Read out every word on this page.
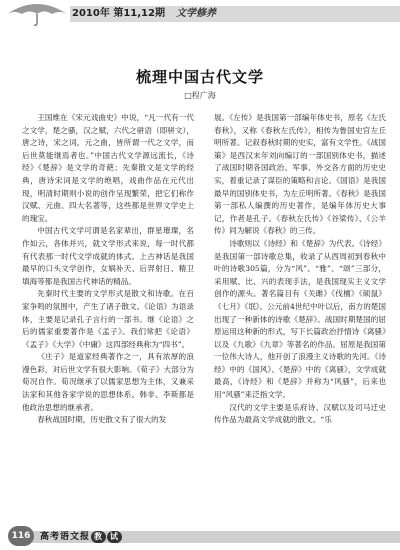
2010年 第11,12期 文学修养
梳理中国古代文学
□程广海

王国维在《宋元戏曲史》中说，“凡一代有一代之文学，楚之骚，汉之赋，六代之骈语（即骈文），唐之诗，宋之词，元之曲，皆所谓一代之文学，而后世莫能继焉者也。”中国古代文学源远流长，《诗经》《楚辞》是文学的奇葩；先秦散文是文学的经典，唐诗宋词是文学的绝唱，戏曲作品在元代出现，明清时期则小说的创作呈现繁荣，把它们称作汉赋、元曲、四大名著等，这些都是世界文学史上的瑰宝。

中国古代文学可谓是名家辈出，群星璀璨，名作如云，各体并兴，就文学形式来说，每一时代都有代表那一时代文学成就的体式。上古神话是我国最早的口头文学创作，女娲补天、后羿射日、精卫填海等都是我国古代神话的精品。

先秦时代主要的文学形式是散文和诗歌。在百家争鸣的氛围中，产生了诸子散文。《论语》为语录体，主要是记录孔子言行的一部书。继《论语》之后的儒家重要著作是《孟子》。我们常把《论语》《孟子》《大学》《中庸》这四部经典称为“四书”。

《庄子》是道家经典著作之一，具有浓厚的浪漫色彩，对后世文学有很大影响。《荀子》大部分为荀况自作。荀况继承了以儒家思想为主体，又兼采法家和其他各家学说的思想体系。韩非、李斯都是他政治思想的继承者。

春秋战国时期，历史散文有了很大的发

展。《左传》是我国第一部编年体史书，原名《左氏春秋》，又称《春秋左氏传》，相传为鲁国史官左丘明所著。记叙春秋时期的史实，富有文学性。《战国策》是西汉末年刘向编订的一部国别体史书，描述了战国时期各国政治、军事、外交各方面的历史史实，着重记录了谋臣的策略和言论。《国语》是我国最早的国别体史书，为左丘明所著。《春秋》是我国第一部私人编撰的历史著作，是编年体历史大事记，作者是孔子。《春秋左氏传》《谷梁传》、《公羊传》同为解说《春秋》的三传。

诗歌则以《诗经》和《楚辞》为代表。《诗经》是我国第一部诗歌总集，收录了从西周初到春秋中叶的诗歌305篇，分为“风”、“雅”、“颂”三部分，采用赋、比、兴的表现手法，是我国现实主义文学创作的源头。著名篇目有《关雎》《伐檀》《硕鼠》《七月》《氓》。公元前4世纪中叶以后，南方的楚国出现了一种新体的诗歌《楚辞》。战国时期楚国的屈原运用这种新的形式，写下长篇政治抒情诗《离骚》以及《九歌》《九章》等著名的作品。屈原是我国第一位伟大诗人，他开创了浪漫主义诗歌的先河。《诗经》中的《国风》、《楚辞》中的《离骚》，文学成就最高，《诗经》和《楚辞》并称为“风骚”，后来也用“风骚”来泛指文学。

汉代的文学主要是乐府诗、汉赋以及司马迁史传作品为最高文学成就的散文。“乐

116	高考语文报 教 试
